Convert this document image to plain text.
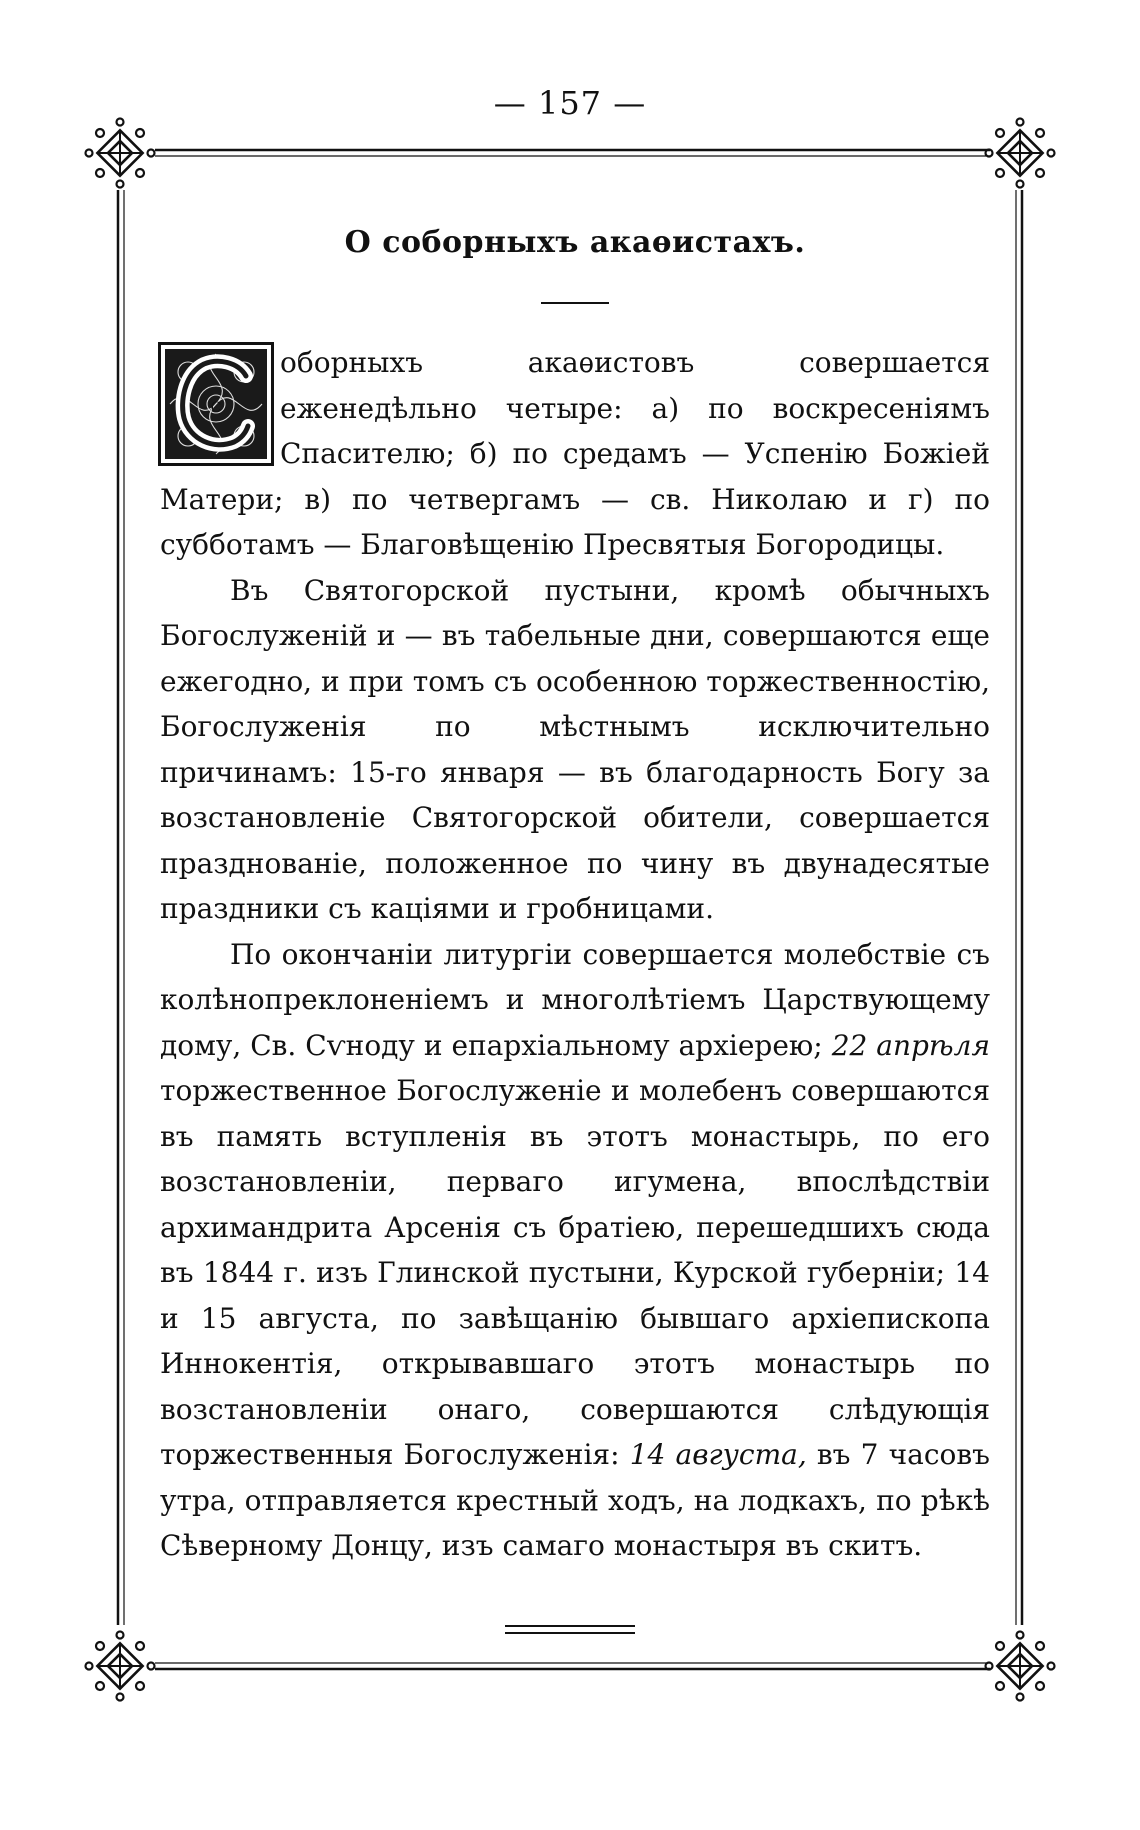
— 157 —
О соборныхъ акаѳистахъ.
С

оборныхъ акаѳистовъ совершается еженедѣльно четыре: а) по воскресеніямъ Спасителю; б) по средамъ — Успенію Божіей Матери; в) по четвергамъ — св. Николаю и г) по субботамъ — Благовѣщенію Пресвятыя Богородицы.

Въ Святогорской пустыни, кромѣ обычныхъ Богослуженій и — въ табельные дни, совершаются еще ежегодно, и при томъ съ особенною торжественностію, Богослуженія по мѣстнымъ исключительно причинамъ: 15-го января — въ благодарность Богу за возстановленіе Святогорской обители, совершается празднованіе, положенное по чину въ двунадесятые праздники съ каціями и гробницами.

По окончаніи литургіи совершается молебствіе съ колѣнопреклоненіемъ и многолѣтіемъ Царствующему дому, Св. Сѵноду и епархіальному архіерею; 22 апрѣля торжественное Богослуженіе и молебенъ совершаются въ память вступленія въ этотъ монастырь, по его возстановленіи, перваго игумена, впослѣдствіи архимандрита Арсенія съ братіею, перешедшихъ сюда въ 1844 г. изъ Глинской пустыни, Курской губерніи; 14 и 15 августа, по завѣщанію бывшаго архіепископа Иннокентія, открывавшаго этотъ монастырь по возстановленіи онаго, совершаются слѣдующія торжественныя Богослуженія: 14 августа, въ 7 часовъ утра, отправляется крестный ходъ, на лодкахъ, по рѣкѣ Сѣверному Донцу, изъ самаго монастыря въ скитъ.
